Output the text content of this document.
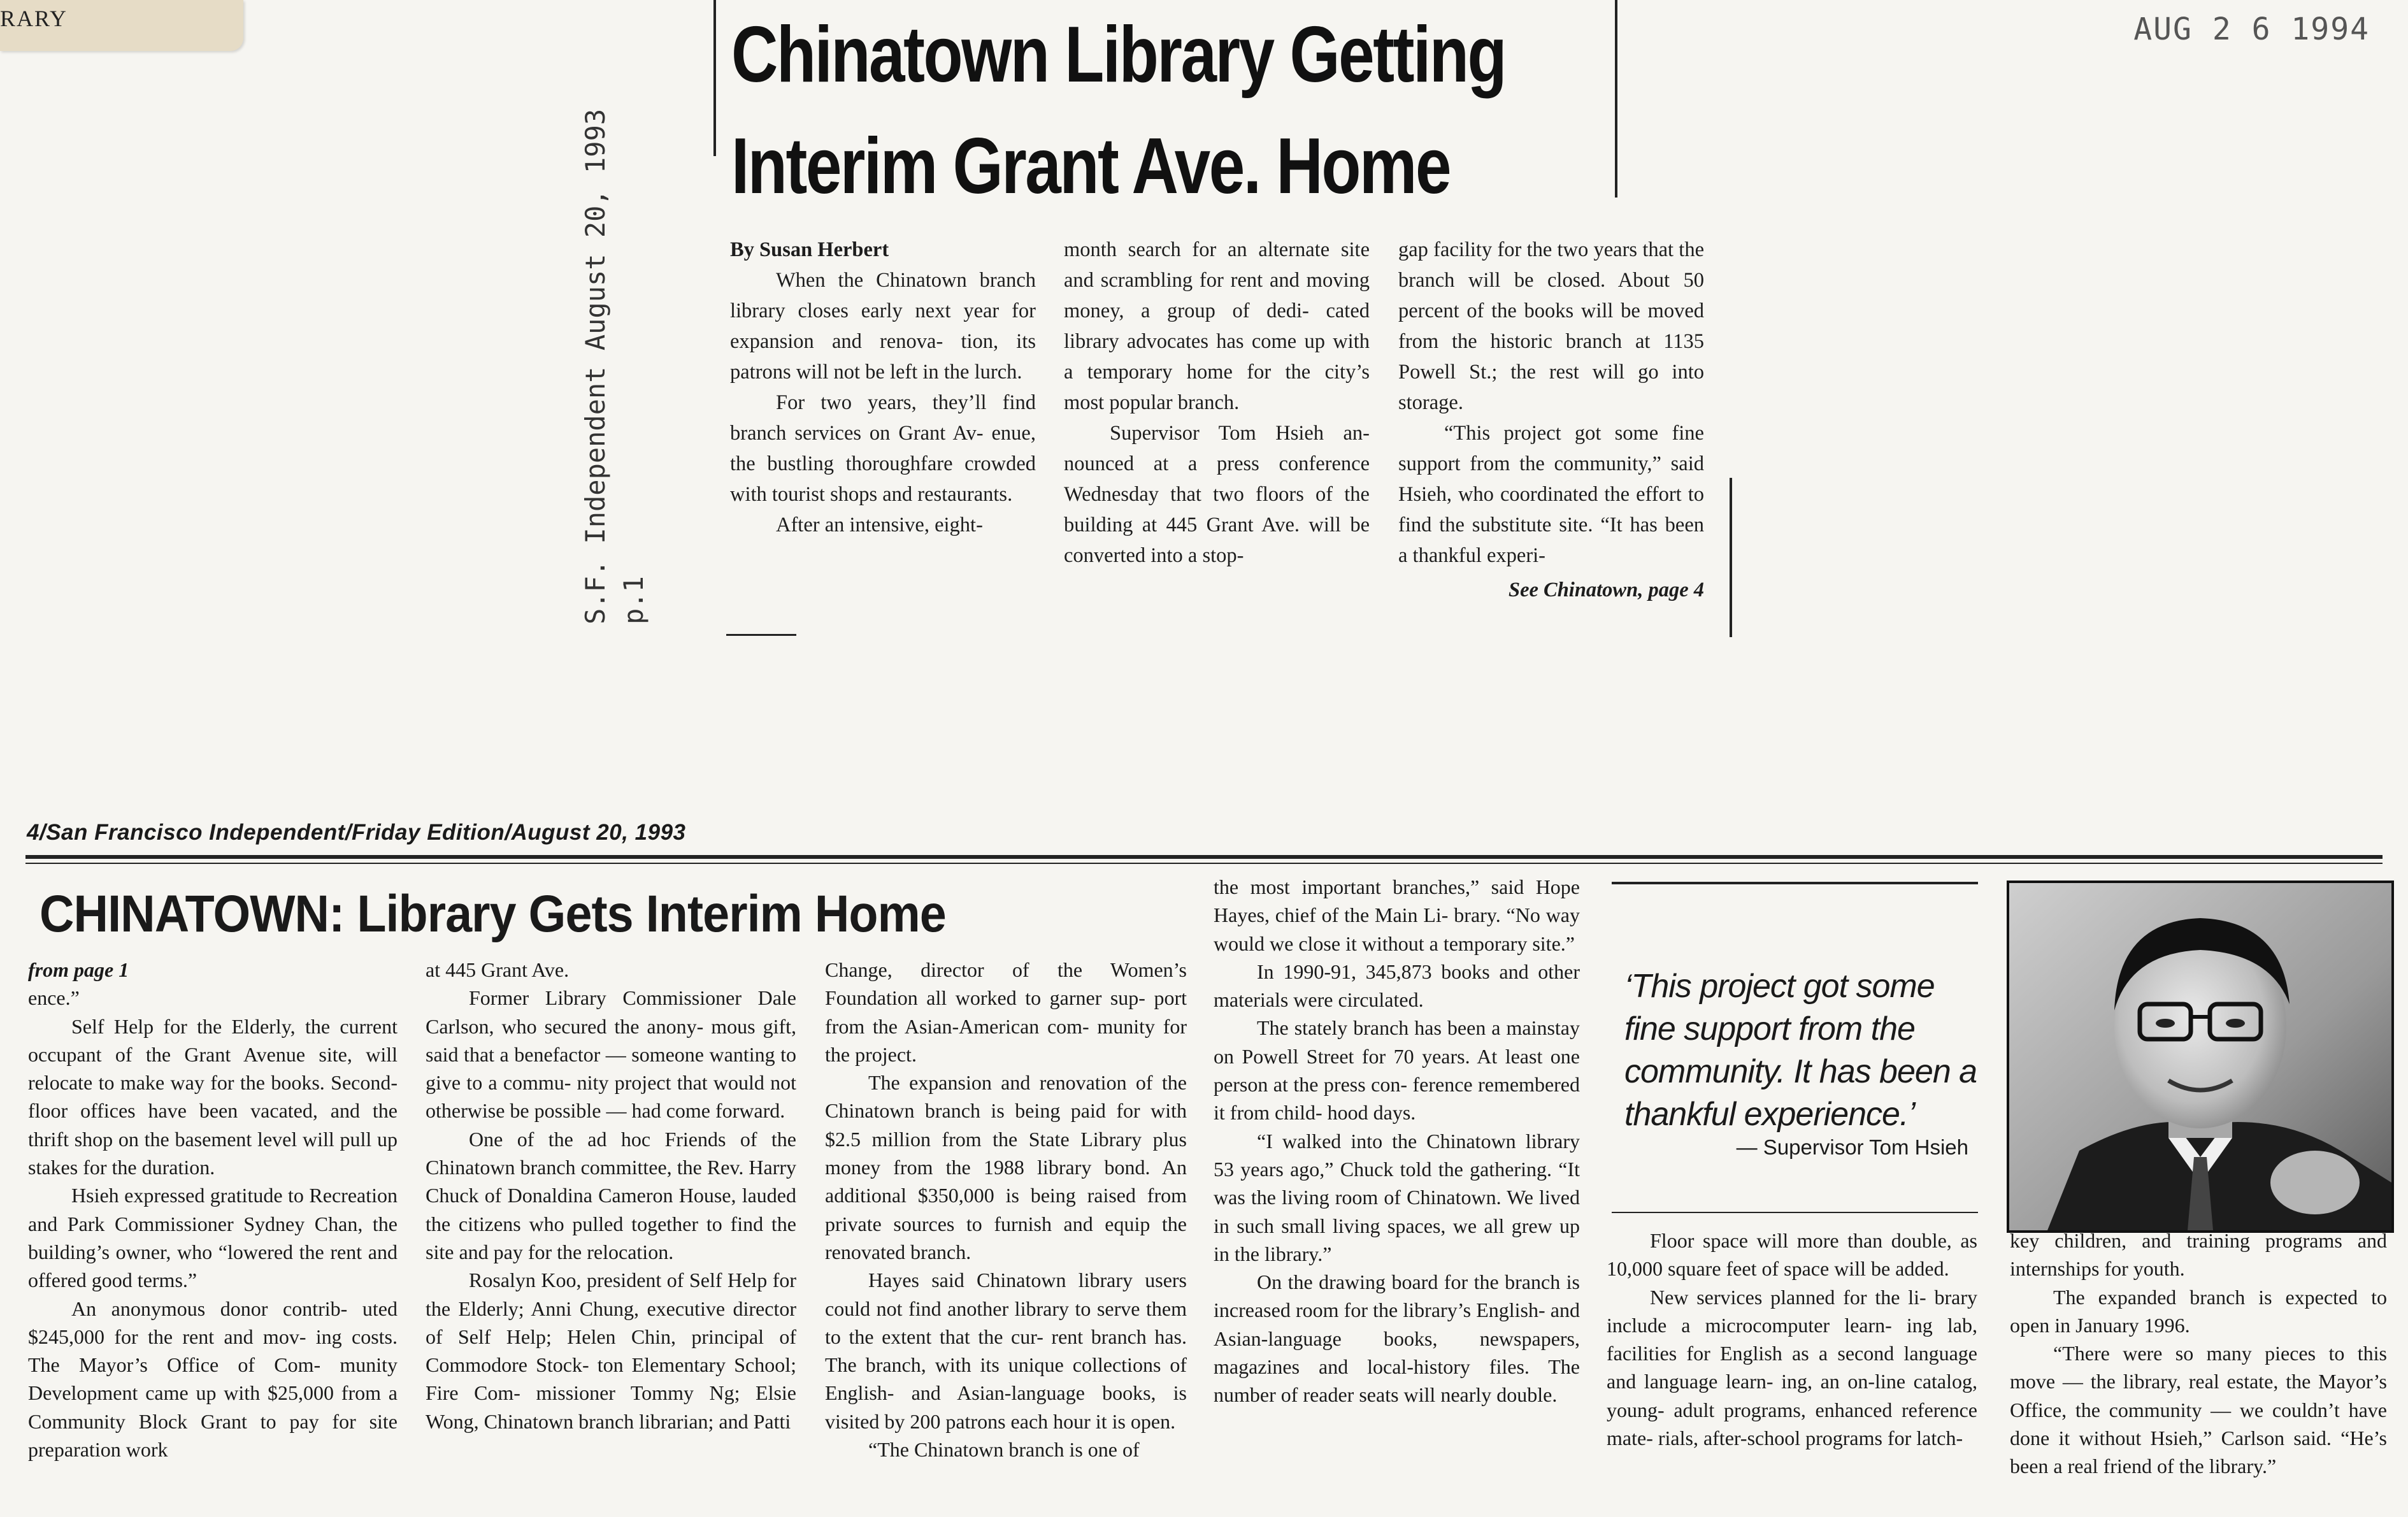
RARY	AUG 2 6 1994
S.F. Independent August 20, 1993 p.1
Chinatown Library Getting
Interim Grant Ave. Home

By Susan Herbert

When the Chinatown branch library closes early next year for expansion and renova- tion, its patrons will not be left in the lurch.

For two years, they’ll find branch services on Grant Av- enue, the bustling thoroughfare crowded with tourist shops and restaurants.

After an intensive, eight-

month search for an alternate site and scrambling for rent and moving money, a group of dedi- cated library advocates has come up with a temporary home for the city’s most popular branch.

Supervisor Tom Hsieh an- nounced at a press conference Wednesday that two floors of the building at 445 Grant Ave. will be converted into a stop-

gap facility for the two years that the branch will be closed. About 50 percent of the books will be moved from the historic branch at 1135 Powell St.; the rest will go into storage.

“This project got some fine support from the community,” said Hsieh, who coordinated the effort to find the substitute site. “It has been a thankful experi-

See Chinatown, page 4

4/San Francisco Independent/Friday Edition/August 20, 1993
CHINATOWN: Library Gets Interim Home

from page 1

ence.”

Self Help for the Elderly, the current occupant of the Grant Avenue site, will relocate to make way for the books. Second-floor offices have been vacated, and the thrift shop on the basement level will pull up stakes for the duration.

Hsieh expressed gratitude to Recreation and Park Commissioner Sydney Chan, the building’s owner, who “lowered the rent and offered good terms.”

An anonymous donor contrib- uted $245,000 for the rent and mov- ing costs. The Mayor’s Office of Com- munity Development came up with $25,000 from a Community Block Grant to pay for site preparation work

at 445 Grant Ave.

Former Library Commissioner Dale Carlson, who secured the anony- mous gift, said that a benefactor — someone wanting to give to a commu- nity project that would not otherwise be possible — had come forward.

One of the ad hoc Friends of the Chinatown branch committee, the Rev. Harry Chuck of Donaldina Cameron House, lauded the citizens who pulled together to find the site and pay for the relocation.

Rosalyn Koo, president of Self Help for the Elderly; Anni Chung, executive director of Self Help; Helen Chin, principal of Commodore Stock- ton Elementary School; Fire Com- missioner Tommy Ng; Elsie Wong, Chinatown branch librarian; and Patti

Change, director of the Women’s Foundation all worked to garner sup- port from the Asian-American com- munity for the project.

The expansion and renovation of the Chinatown branch is being paid for with $2.5 million from the State Library plus money from the 1988 library bond. An additional $350,000 is being raised from private sources to furnish and equip the renovated branch.

Hayes said Chinatown library users could not find another library to serve them to the extent that the cur- rent branch has. The branch, with its unique collections of English- and Asian-language books, is visited by 200 patrons each hour it is open.

“The Chinatown branch is one of

the most important branches,” said Hope Hayes, chief of the Main Li- brary. “No way would we close it without a temporary site.”

In 1990-91, 345,873 books and other materials were circulated.

The stately branch has been a mainstay on Powell Street for 70 years. At least one person at the press con- ference remembered it from child- hood days.

“I walked into the Chinatown library 53 years ago,” Chuck told the gathering. “It was the living room of Chinatown. We lived in such small living spaces, we all grew up in the library.”

On the drawing board for the branch is increased room for the library’s English- and Asian-language books, newspapers, magazines and local-history files. The number of reader seats will nearly double.

‘This project got some fine support from the community. It has been a thankful experience.’
— Supervisor Tom Hsieh

Floor space will more than double, as 10,000 square feet of space will be added.

New services planned for the li- brary include a microcomputer learn- ing lab, facilities for English as a second language and language learn- ing, an on-line catalog, young- adult programs, enhanced reference mate- rials, after-school programs for latch-

key children, and training programs and internships for youth.

The expanded branch is expected to open in January 1996.

“There were so many pieces to this move — the library, real estate, the Mayor’s Office, the community — we couldn’t have done it without Hsieh,” Carlson said. “He’s been a real friend of the library.”
